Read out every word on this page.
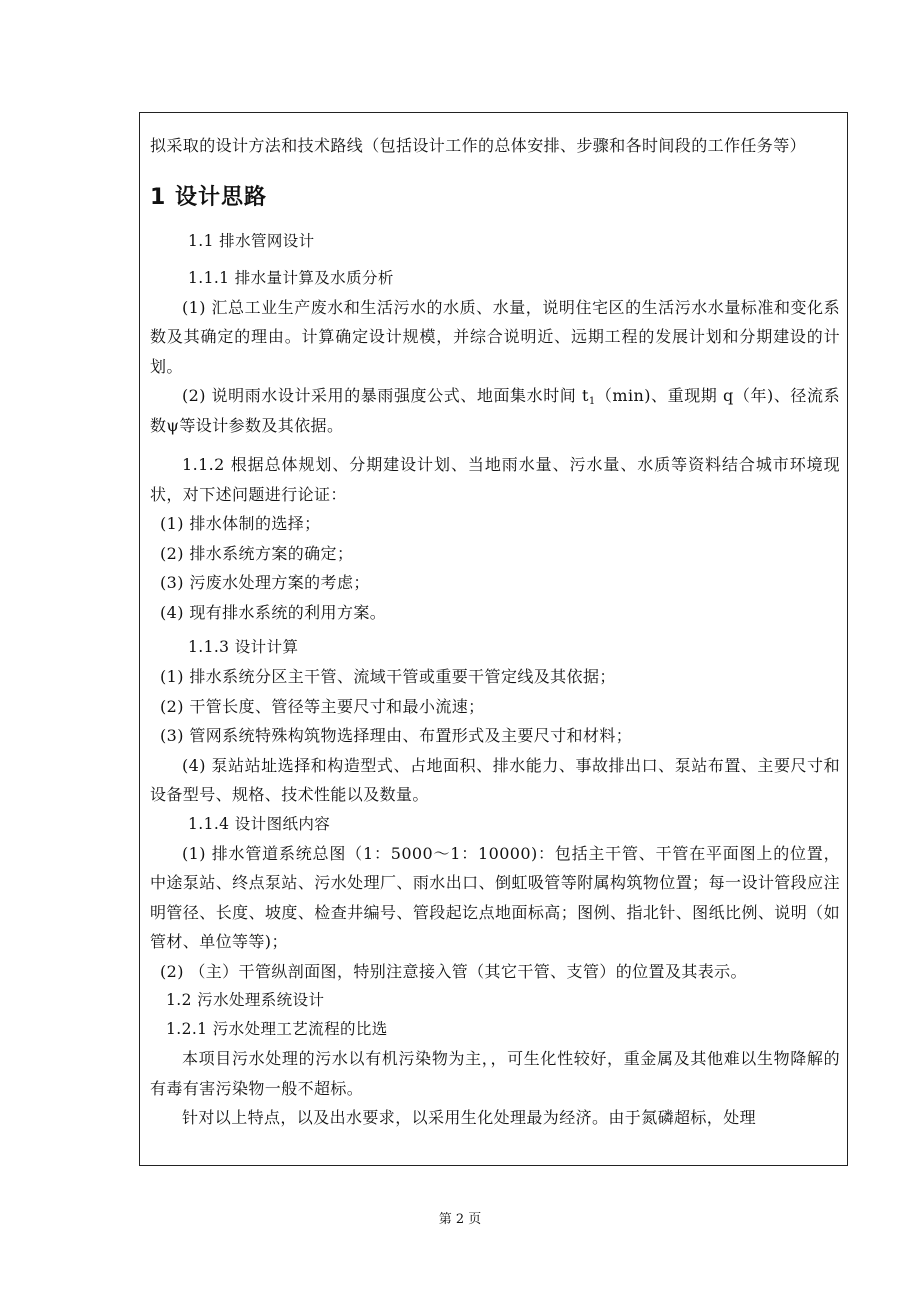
拟采取的设计方法和技术路线（包括设计工作的总体安排、步骤和各时间段的工作任务等）

1 设计思路

1.1 排水管网设计

1.1.1 排水量计算及水质分析

(1) 汇总工业生产废水和生活污水的水质、水量，说明住宅区的生活污水水量标准和变化系数及其确定的理由。计算确定设计规模，并综合说明近、远期工程的发展计划和分期建设的计划。

(2) 说明雨水设计采用的暴雨强度公式、地面集水时间 $t_1(\min)$、重现期 q（年)、径流系数ψ等设计参数及其依据。

1.1.2 根据总体规划、分期建设计划、当地雨水量、污水量、水质等资料结合城市环境现状，对下述问题进行论证：

(1) 排水体制的选择；

(2) 排水系统方案的确定；

(3) 污废水处理方案的考虑；

(4) 现有排水系统的利用方案。

1.1.3 设计计算

(1) 排水系统分区主干管、流域干管或重要干管定线及其依据；

(2) 干管长度、管径等主要尺寸和最小流速；

(3) 管网系统特殊构筑物选择理由、布置形式及主要尺寸和材料；

(4) 泵站站址选择和构造型式、占地面积、排水能力、事故排出口、泵站布置、主要尺寸和设备型号、规格、技术性能以及数量。

1.1.4 设计图纸内容

(1) 排水管道系统总图（1：5000～1：10000)：包括主干管、干管在平面图上的位置，中途泵站、终点泵站、污水处理厂、雨水出口、倒虹吸管等附属构筑物位置；每一设计管段应注明管径、长度、坡度、检查井编号、管段起讫点地面标高；图例、指北针、图纸比例、说明（如管材、单位等等)；

(2) （主）干管纵剖面图，特别注意接入管（其它干管、支管）的位置及其表示。

1.2 污水处理系统设计

1.2.1 污水处理工艺流程的比选

本项目污水处理的污水以有机污染物为主，，可生化性较好，重金属及其他难以生物降解的有毒有害污染物一般不超标。

针对以上特点，以及出水要求，以采用生化处理最为经济。由于氮磷超标，处理

第 2 页
